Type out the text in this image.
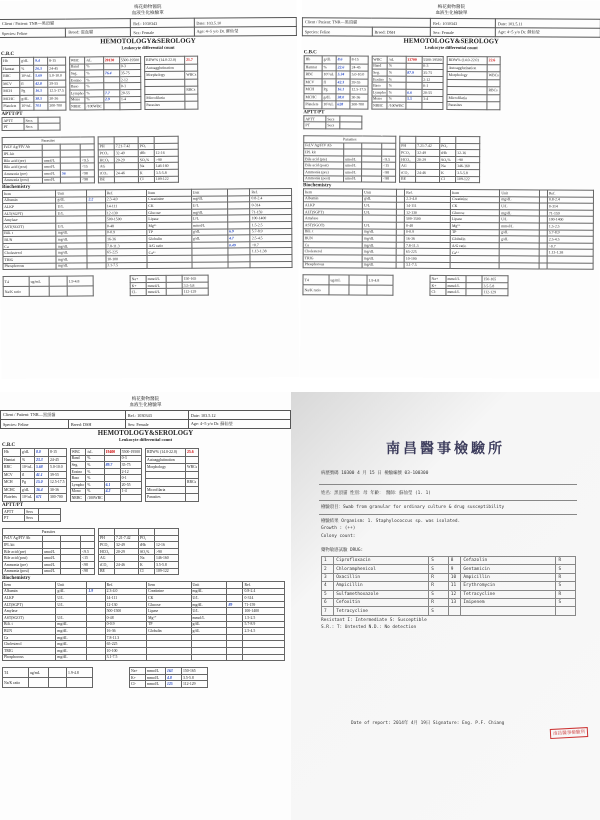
梅花動物醫院
血液生化檢驗單
Client / Patient: TNR—黑頂貓		Ref.: 1030343	Date: 103.5.10
Species: Feline	Breed: 混血貓	Sex: Female	Age: 4~5 y/o Dr. 蘇仙瑩
HEMOTOLOGY&SEROLOGY
Leukocyte differential count
C.B.C
Hb	g/dL	9.4	8-15
Hamtat	%	26.3	24-45
RBC	10⁶/uL	5.69	5.0-10.0
MCV	fl	42.8	39-55
MCH	Pg	16.5	12.5-17.5
MCHC	g/dL	38.5	30-36
Platelets	10³/uL	701	300-700
WBC	/uL	20130	5500-19500
Band	%		0-3
Seg.	%	76.4	35-75
Eosino	%		2-12
Baso	%		0-1
Lympho	%	7.7	20-55
Mono	%	2.9	1-4
NRBC	/100WBC		
RDW% (14.0-22.0)	21.7
Autoagglutination	
Morphology	WBCs

	RBCs
Microfilaria	
Parasites	
APTT/PT
APTT	Secs	
PT	Secs	
Parasites			
FeLV Ag/FIV Ab			
IPL kit			
Bile acid (pre)	umol/L		<9.5
Bile acid (post)	umol/L		<15
Ammonia (pre)	umol/L	56	<98
Ammonia (post)	umol/L		<98

PH	7.21-7.42	PO₂	
PCO₂	32-49	tHb	12-16
HCO₃	20-29	SO₂%	>90
AG		Na	146-160
tCO₂	24-46	K	3.5-5.8
BE		Cl	109-122
Biochemistry
Item	Unit		Ref.	Item	Unit		Ref.
Albumin	g/dL	2.2	2.3-4.0	Creatinine	mg/dL		0.8-2.4
ALKP	U/L		14-111	CK	U/L		0-314
ALT(SGPT)	U/L		12-130	Glucose	mg/dL		71-159
Amylase			500-1500	Lipase	U/L		100-1400
AST(SGOT)	U/L		0-48	Mg²⁺	mmol/L		1.5-2.5
Bili. t	mg/dL		0-0.9	TP	g/dL	6.9	5.7-8.9
BUN	mg/dL		16-36	Globulin	g/dL	4.7	2.5-4.5
Ca	mg/dL		7.8-11.3	A/G ratio		0.49	>0.7
Cholesterol	mg/dL		65-225	Ca²⁺			1.13-1.38
TRIG	mg/dL		10-100				
Phosphorous	mg/dL		3.1-7.5				
T4	ug/mL		1.9-4.8
Na/K ratio			
Na+	mmol/L		150-165
K+	mmol/L		3.5-5.8
Cl-	mmol/L		112-129
梅花動物醫院
血液生化檢驗單
Client / Patient: TNR—黑頂貓		Ref.: 1030343	Date: 103.5.11
Species: Feline	Breed: DSH	Sex: Female	Age: 4~5 y/o Dr. 蘇仙瑩
HEMOTOLOGY&SEROLOGY
Leukocyte differential count
C.B.C
Hb	g/dL	8.6	8-15
Hamtat	%	22.6	24-45
RBC	10⁶/uL	5.34	5.0-10.0
MCV	fl	42.3	39-55
MCH	Pg	16.1	12.5-17.5
MCHC	g/dL	38.0	30-36
Platelets	10³/uL	628	300-700
WBC	/uL	13700	5500-19500
Band	%		0-3
Seg.	%	87.9	35-75
Eosino	%		2-12
Baso	%		0-1
Lympho	%	6.6	20-55
Mono	%	5.5	1-4
NRBC	/100WBC		
RDW% (14.0-22.0)	22.6
Autoagglutination	
Morphology	WBCs

	RBCs
Microfilaria	
Parasites	
APTT/PT
APTT	Secs	
PT	Secs	
Parasites			
FeLV Ag/FIV Ab			
IPL kit			
Bile acid (pre)	umol/L		<9.5
Bile acid (post)	umol/L		<15
Ammonia (pre)	umol/L		<98
Ammonia (post)	umol/L		<98

PH	7.21-7.42	PO₂	
PCO₂	32-49	tHb	12-16
HCO₃	20-29	SO₂%	>90
AG		Na	146-160
tCO₂	24-46	K	3.5-5.8
BE		Cl	109-122
Biochemistry
Item	Unit		Ref.	Item	Unit		Ref.
Albumin	g/dL		2.3-4.0	Creatinine	mg/dL		0.8-2.4
ALKP	U/L		14-111	CK	U/L		0-314
ALT(SGPT)	U/L		12-130	Glucose	mg/dL		71-159
Amylase			500-1500	Lipase	U/L		100-1400
AST(SGOT)	U/L		0-48	Mg²⁺	mmol/L		1.5-2.5
Bili. t	mg/dL		0-0.9	TP	g/dL		5.7-8.9
BUN	mg/dL		16-36	Globulin	g/dL		2.5-4.5
Ca	mg/dL		7.8-11.3	A/G ratio			>0.7
Cholesterol	mg/dL		65-225	Ca²⁺			1.13-1.38
TRIG	mg/dL		10-100				
Phosphorous	mg/dL		3.1-7.5				
T4	ug/mL		1.9-4.8
Na/K ratio			
Na+	mmol/L		150-165
K+	mmol/L		3.5-5.8
Cl-	mmol/L		112-129
梅花動物醫院
血液生化檢驗單
Client / Patient: TNR—黑頂貓		Ref.: 1030343	Date: 103.5.12
Species: Feline	Breed: DSH	Sex: Female	Age: 4~5 y/o Dr. 蘇仙瑩
HEMOTOLOGY&SEROLOGY
Leukocyte differential count
C.B.C
Hb	g/dL	8.0	8-15
Hamtat	%	23.3	24-45
RBC	10⁶/uL	5.68	5.0-10.0
MCV	fl	41.1	39-55
MCH	Pg	15.0	12.5-17.5
MCHC	g/dL	36.4	30-36
Platelets	10³/uL	671	300-700
WBC	/uL	19400	5500-19500
Band	%		0-3
Seg.	%	89.7	35-75
Eosino	%		2-12
Baso	%		0-1
Lympho	%	6.1	20-55
Mono	%	4.2	1-4
NRBC	/100WBC		
RDW% (14.0-22.0)	25.6
Autoagglutination	
Morphology	WBCs

	RBCs
Microfilaria	
Parasites	
APTT/PT
APTT	Secs	
PT	Secs	
Parasites			
FeLV Ag/FIV Ab			
IPL kit			
Bile acid (pre)	umol/L		<9.5
Bile acid (post)	umol/L		<15
Ammonia (pre)	umol/L		<98
Ammonia (post)	umol/L		<98

PH	7.21-7.42	PO₂	
PCO₂	32-49	tHb	12-16
HCO₃	20-29	SO₂%	>90
AG		Na	146-160
tCO₂	24-46	K	3.5-5.8
BE		Cl	109-122
Biochemistry
Item	Unit		Ref.	Item	Unit		Ref.
Albumin	g/dL	1.9	2.3-4.0	Creatinine	mg/dL		0.8-2.4
ALKP	U/L		14-111	CK	U/L		0-314
ALT(SGPT)	U/L		12-130	Glucose	mg/dL	89	71-159
Amylase			500-1500	Lipase	U/L		100-1400
AST(SGOT)	U/L		0-48	Mg²⁺	mmol/L		1.5-2.5
Bili. t	mg/dL		0-0.9	TP	g/dL		5.7-8.9
BUN	mg/dL		16-36	Globulin	g/dL		2.5-4.5
Ca	mg/dL		7.8-11.3				
Cholesterol	mg/dL		65-225				
TRIG	mg/dL		10-100				
Phosphorous	mg/dL		3.1-7.5				
T4	ug/mL		1.9-4.8
Na/K ratio			
Na+	mmol/L	163	150-165
K+	mmol/L	4.8	3.5-5.8
Cl-	mmol/L	125	112-129
南昌醫事檢驗所
病歷號碼 10300 4 月 15 日 檢驗編號 03-100300
姓名：黑頂貓 性別：母 年齡： 醫師：蘇仙瑩 (1. 1)
檢驗項目：Swab from granular for ordinary culture & drug susceptibility
檢驗結果 Organism: 1. Staphylococcus sp. was isolated.
Growth : (++)
Colony count:
藥物敏感試驗 DRUG:
1	Ciprofloxacin	S	8	Cefazolin	R
2	Chloramphenicol	S	9	Gentamicin	S
3	Oxacillin	R	10	Ampicillin	R
4	Ampicillin	R	11	Erythromycin	S
5	Sulfamethoxazole	S	12	Tetracycline	R
6	Cefoxitin	R	13	Imipenem	S
7	Tetracycline	S			
Resistant I: Intermediate S: Susceptible
S.R.: T: Untested N.D.: No detection
Date of report: 2014年 4月 19日 Signature: Eng. P.F. Chiang
南昌醫事檢驗所
